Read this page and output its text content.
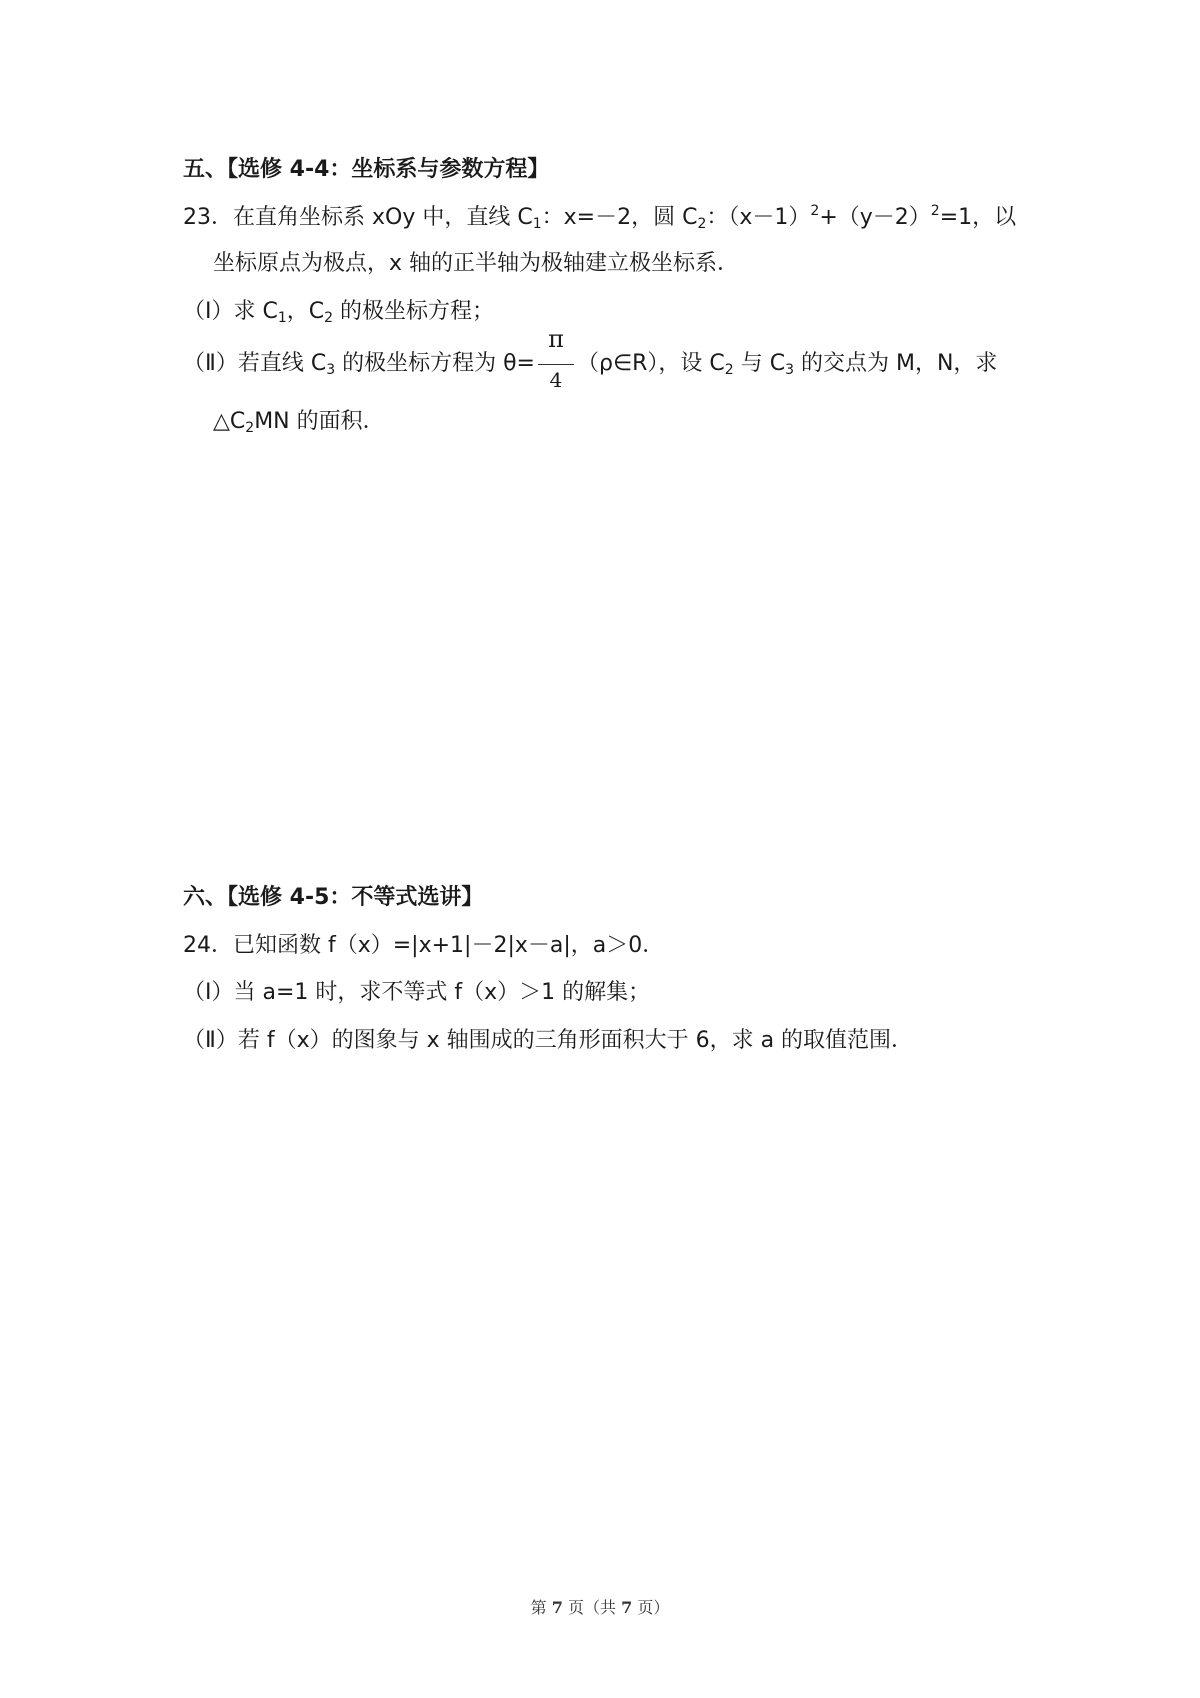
五、【选修 4-4：坐标系与参数方程】
23．在直角坐标系 xOy 中，直线 $C_1$：x=－2，圆 $C_2$：$(x-1)^2+(y-2)^2=1$，以
坐标原点为极点，x 轴的正半轴为极轴建立极坐标系．
（Ⅰ）求 $C_1$，$C_2$ 的极坐标方程；
（Ⅱ）若直线 $C_3$ 的极坐标方程为 $\theta= \frac{\pi}{4}$ （ρ∈R），设 $C_2$ 与 $C_3$ 的交点为 M，N，求
$\triangle C_2MN$ 的面积．
六、【选修 4-5：不等式选讲】
24．已知函数 f（x）=|x+1|－2|x－a|，a＞0．
（Ⅰ）当 a=1 时，求不等式 f（x）＞1 的解集；
（Ⅱ）若 f（x）的图象与 x 轴围成的三角形面积大于 6，求 a 的取值范围．
第 7 页（共 7 页）
